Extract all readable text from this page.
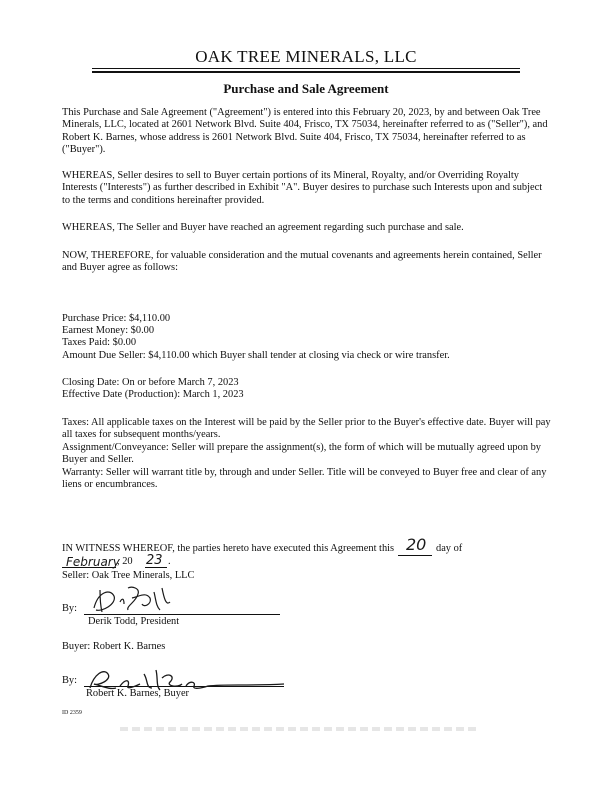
OAK TREE MINERALS, LLC
Purchase and Sale Agreement
This Purchase and Sale Agreement ("Agreement") is entered into this February 20, 2023, by and between Oak Tree Minerals, LLC, located at 2601 Network Blvd. Suite 404, Frisco, TX 75034, hereinafter referred to as ("Seller"), and Robert K. Barnes, whose address is 2601 Network Blvd. Suite 404, Frisco, TX 75034, hereinafter referred to as ("Buyer").
WHEREAS, Seller desires to sell to Buyer certain portions of its Mineral, Royalty, and/or Overriding Royalty Interests ("Interests") as further described in Exhibit "A". Buyer desires to purchase such Interests upon and subject to the terms and conditions hereinafter provided.
WHEREAS, The Seller and Buyer have reached an agreement regarding such purchase and sale.
NOW, THEREFORE, for valuable consideration and the mutual covenants and agreements herein contained, Seller and Buyer agree as follows:
Purchase Price: $4,110.00
Earnest Money: $0.00
Taxes Paid: $0.00
Amount Due Seller: $4,110.00 which Buyer shall tender at closing via check or wire transfer.
Closing Date: On or before March 7, 2023
Effective Date (Production): March 1, 2023
Taxes: All applicable taxes on the Interest will be paid by the Seller prior to the Buyer's effective date. Buyer will pay all taxes for subsequent months/years.
Assignment/Conveyance: Seller will prepare the assignment(s), the form of which will be mutually agreed upon by Buyer and Seller.
Warranty: Seller will warrant title by, through and under Seller. Title will be conveyed to Buyer free and clear of any liens or encumbrances.
IN WITNESS WHEREOF, the parties hereto have executed this Agreement this 20 day of
February
, 20 23 .
Seller: Oak Tree Minerals, LLC
By:
Derik Todd, President
Buyer: Robert K. Barnes
By:
Robert K. Barnes, Buyer
ID 2359
